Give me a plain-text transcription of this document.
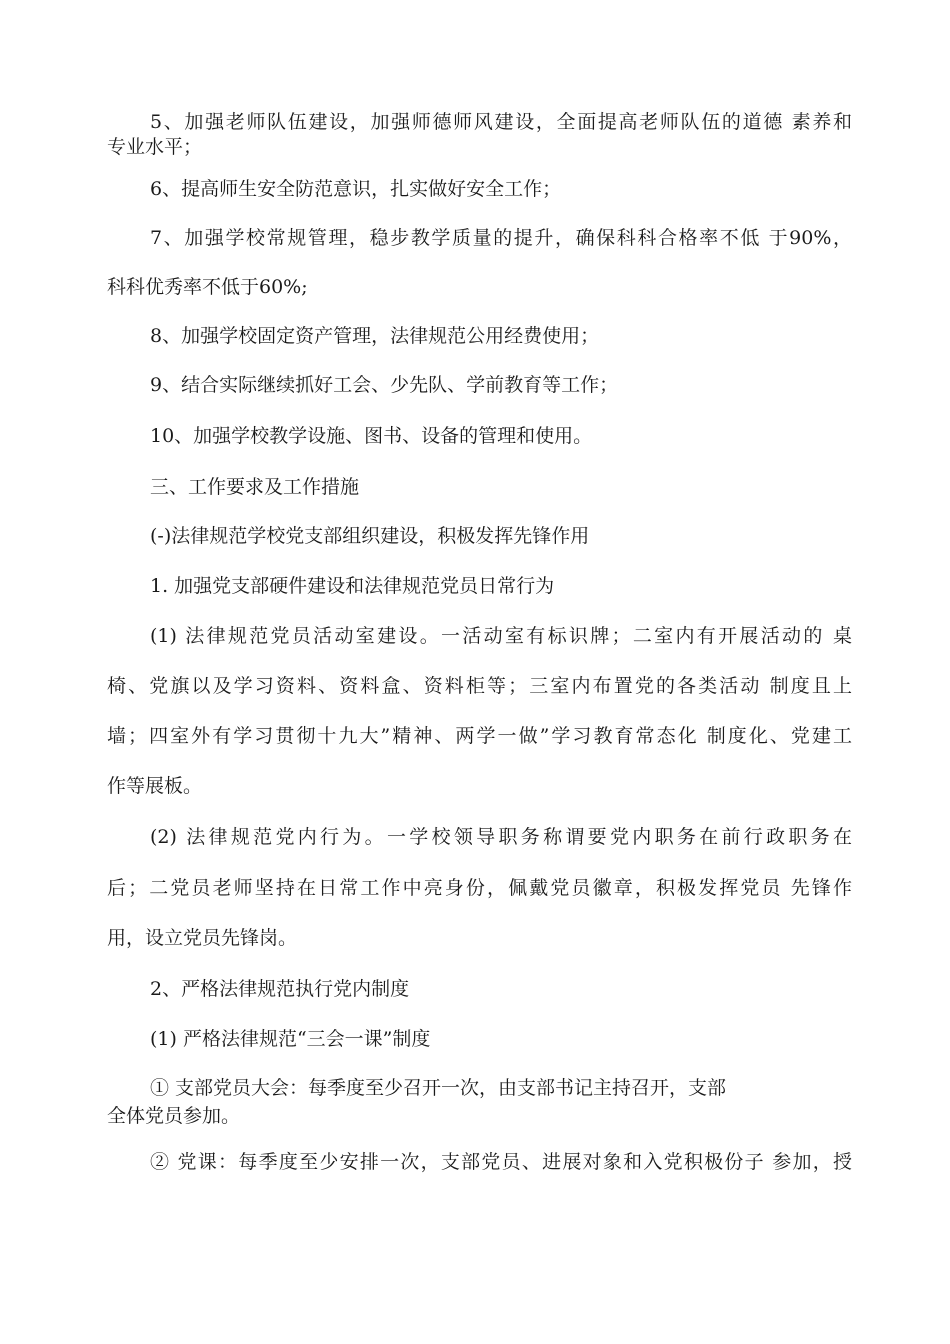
5、加强老师队伍建设，加强师德师风建设，全面提高老师队伍的道德 素养和

专业水平；

6、提高师生安全防范意识，扎实做好安全工作；

7、加强学校常规管理，稳步教学质量的提升，确保科科合格率不低 于90%，

科科优秀率不低于60%;

8、加强学校固定资产管理，法律规范公用经费使用；

9、结合实际继续抓好工会、少先队、学前教育等工作；

10、加强学校教学设施、图书、设备的管理和使用。

三、工作要求及工作措施

(-)法律规范学校党支部组织建设，积极发挥先锋作用

1. 加强党支部硬件建设和法律规范党员日常行为

(1) 法律规范党员活动室建设。一活动室有标识牌；二室内有开展活动的 桌

椅、党旗以及学习资料、资料盒、资料柜等；三室内布置党的各类活动 制度且上

墙；四室外有学习贯彻十九大”精神、两学一做”学习教育常态化 制度化、党建工

作等展板。

(2) 法律规范党内行为。一学校领导职务称谓要党内职务在前行政职务在

后；二党员老师坚持在日常工作中亮身份，佩戴党员徽章，积极发挥党员 先锋作

用，设立党员先锋岗。

2、严格法律规范执行党内制度

(1) 严格法律规范“三会一课”制度

① 支部党员大会：每季度至少召开一次，由支部书记主持召开，支部

全体党员参加。

② 党课：每季度至少安排一次，支部党员、进展对象和入党积极份子 参加，授
